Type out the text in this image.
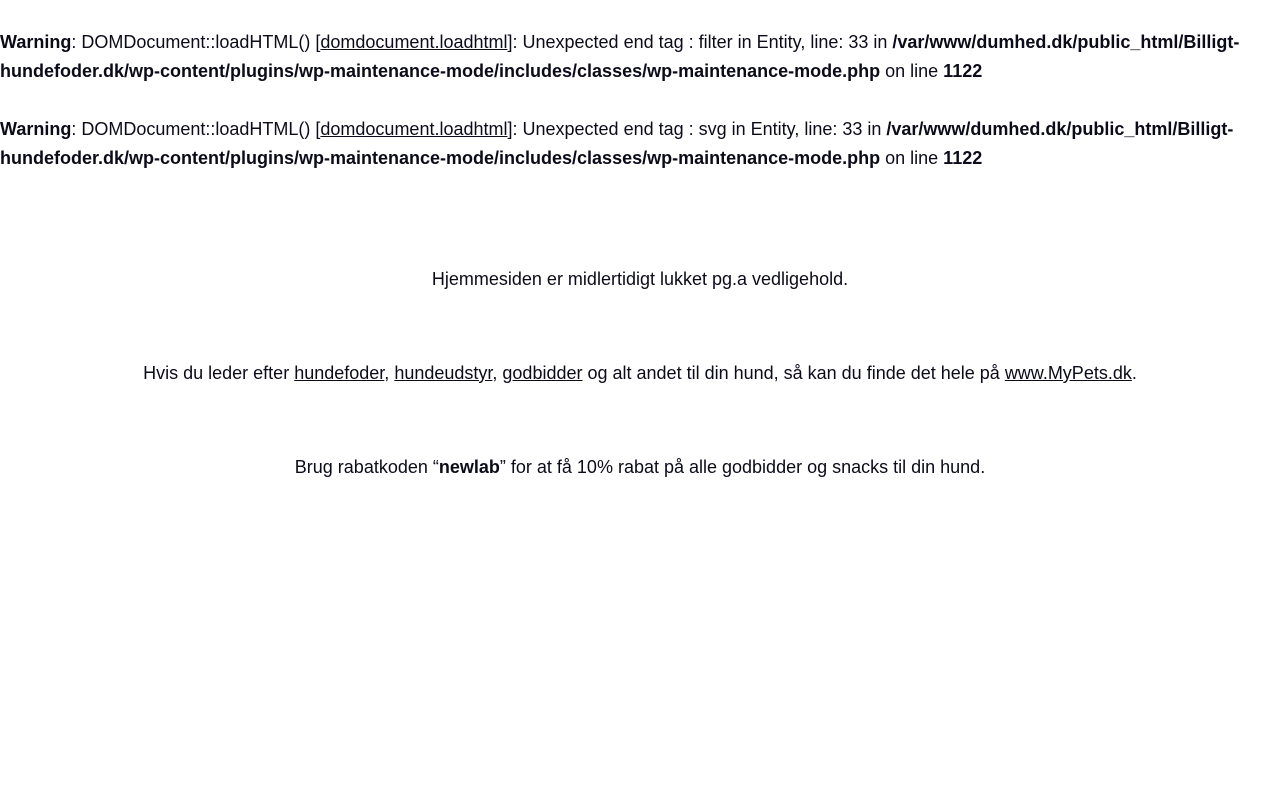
Warning: DOMDocument::loadHTML() [domdocument.loadhtml]: Unexpected end tag : filter in Entity, line: 33 in /var/www/dumhed.dk/public_html/Billigt-hundefoder.dk/wp-content/plugins/wp-maintenance-mode/includes/classes/wp-maintenance-mode.php on line 1122
Warning: DOMDocument::loadHTML() [domdocument.loadhtml]: Unexpected end tag : svg in Entity, line: 33 in /var/www/dumhed.dk/public_html/Billigt-hundefoder.dk/wp-content/plugins/wp-maintenance-mode/includes/classes/wp-maintenance-mode.php on line 1122

Hjemmesiden er midlertidigt lukket pg.a vedligehold.

Hvis du leder efter hundefoder, hundeudstyr, godbidder og alt andet til din hund, så kan du finde det hele på www.MyPets.dk.

Brug rabatkoden “newlab” for at få 10% rabat på alle godbidder og snacks til din hund.
